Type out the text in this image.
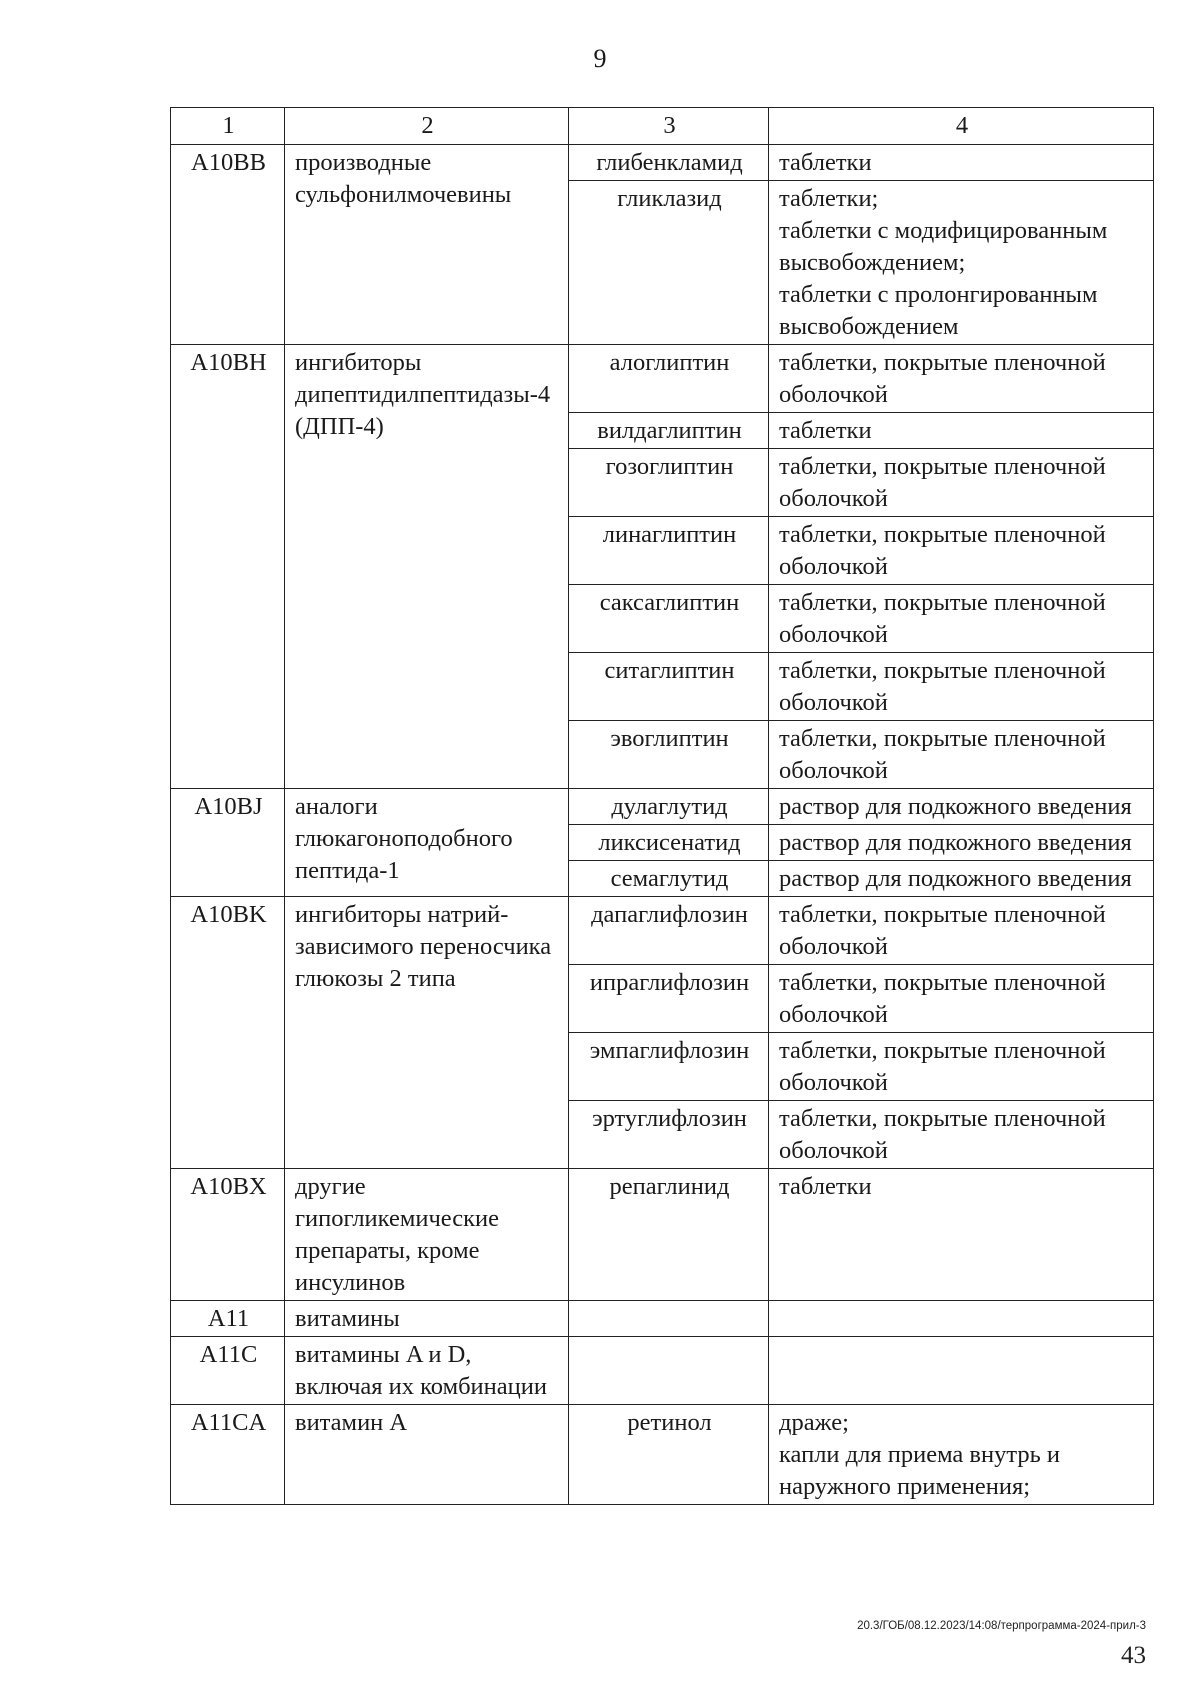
9
1	2	3	4
A10BB	производные сульфонилмочевины	глибенкламид	таблетки
		гликлазид	таблетки;
таблетки с модифицированным высвобождением;
таблетки с пролонгированным высвобождением
A10BH	ингибиторы дипептидилпептидазы-4 (ДПП-4)	алоглиптин	таблетки, покрытые пленочной оболочкой
		вилдаглиптин	таблетки
		гозоглиптин	таблетки, покрытые пленочной оболочкой
		линаглиптин	таблетки, покрытые пленочной оболочкой
		саксаглиптин	таблетки, покрытые пленочной оболочкой
		ситаглиптин	таблетки, покрытые пленочной оболочкой
		эвоглиптин	таблетки, покрытые пленочной оболочкой
A10BJ	аналоги глюкагоноподобного пептида-1	дулаглутид	раствор для подкожного введения
		ликсисенатид	раствор для подкожного введения
		семаглутид	раствор для подкожного введения
A10BK	ингибиторы натрий-зависимого переносчика глюкозы 2 типа	дапаглифлозин	таблетки, покрытые пленочной оболочкой
		ипраглифлозин	таблетки, покрытые пленочной оболочкой
		эмпаглифлозин	таблетки, покрытые пленочной оболочкой
		эртуглифлозин	таблетки, покрытые пленочной оболочкой
A10BX	другие гипогликемические препараты, кроме инсулинов	репаглинид	таблетки
A11	витамины		
A11C	витамины A и D, включая их комбинации		
A11CA	витамин A	ретинол	драже;
капли для приема внутрь и наружного применения;
20.3/ГОБ/08.12.2023/14:08/терпрограмма-2024-прил-3
43
